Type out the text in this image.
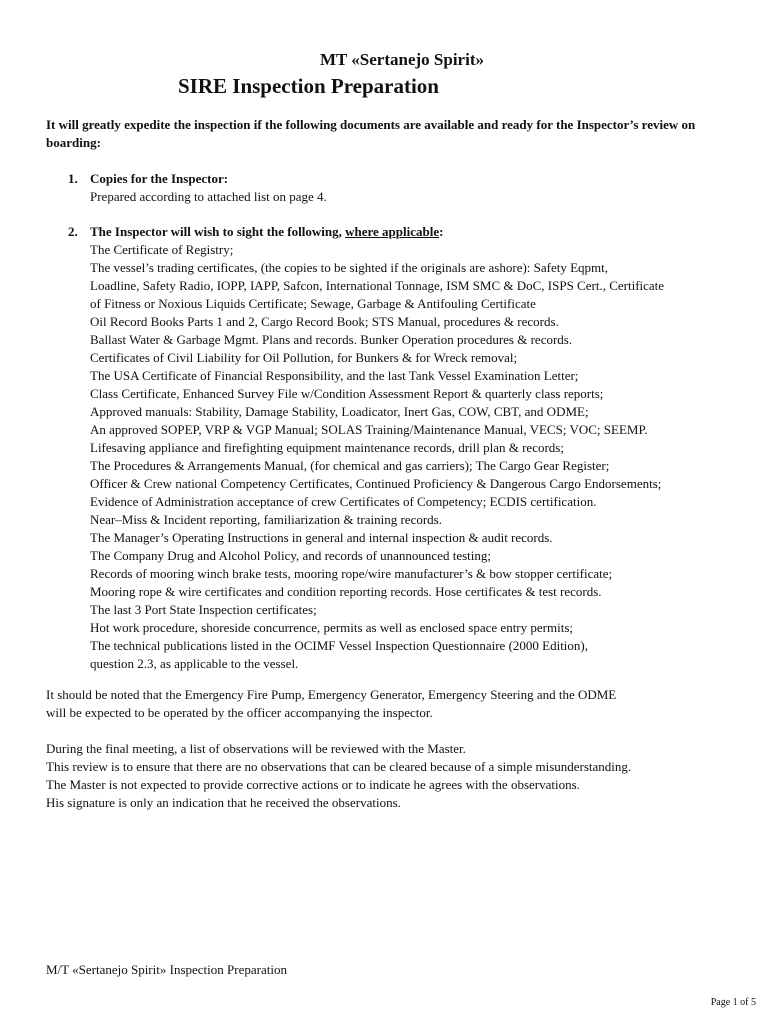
MT «Sertanejo Spirit»
SIRE Inspection Preparation
It will greatly expedite the inspection if the following documents are available and ready for the Inspector’s review on boarding:
1. Copies for the Inspector:
Prepared according to attached list on page 4.
2. The Inspector will wish to sight the following, where applicable:
The Certificate of Registry;
The vessel’s trading certificates, (the copies to be sighted if the originals are ashore): Safety Eqpmt,
Loadline, Safety Radio, IOPP, IAPP, Safcon, International Tonnage, ISM SMC & DoC, ISPS Cert., Certificate
of Fitness or Noxious Liquids Certificate; Sewage, Garbage & Antifouling Certificate
Oil Record Books Parts 1 and 2, Cargo Record Book; STS Manual, procedures & records.
Ballast Water & Garbage Mgmt. Plans and records. Bunker Operation procedures & records.
Certificates of Civil Liability for Oil Pollution, for Bunkers & for Wreck removal;
The USA Certificate of Financial Responsibility, and the last Tank Vessel Examination Letter;
Class Certificate, Enhanced Survey File w/Condition Assessment Report & quarterly class reports;
Approved manuals: Stability, Damage Stability, Loadicator, Inert Gas, COW, CBT, and ODME;
An approved SOPEP, VRP & VGP Manual; SOLAS Training/Maintenance Manual, VECS; VOC; SEEMP.
Lifesaving appliance and firefighting equipment maintenance records, drill plan & records;
The Procedures & Arrangements Manual, (for chemical and gas carriers); The Cargo Gear Register;
Officer & Crew national Competency Certificates, Continued Proficiency & Dangerous Cargo Endorsements;
Evidence of Administration acceptance of crew Certificates of Competency; ECDIS certification.
Near–Miss & Incident reporting, familiarization & training records.
The Manager’s Operating Instructions in general and internal inspection & audit records.
The Company Drug and Alcohol Policy, and records of unannounced testing;
Records of mooring winch brake tests, mooring rope/wire manufacturer’s & bow stopper certificate;
Mooring rope & wire certificates and condition reporting records. Hose certificates & test records.
The last 3 Port State Inspection certificates;
Hot work procedure, shoreside concurrence, permits as well as enclosed space entry permits;
The technical publications listed in the OCIMF Vessel Inspection Questionnaire (2000 Edition),
question 2.3, as applicable to the vessel.
It should be noted that the Emergency Fire Pump, Emergency Generator, Emergency Steering and the ODME
will be expected to be operated by the officer accompanying the inspector.
During the final meeting, a list of observations will be reviewed with the Master.
This review is to ensure that there are no observations that can be cleared because of a simple misunderstanding.
The Master is not expected to provide corrective actions or to indicate he agrees with the observations.
His signature is only an indication that he received the observations.
M/T «Sertanejo Spirit» Inspection Preparation
Page 1 of 5
